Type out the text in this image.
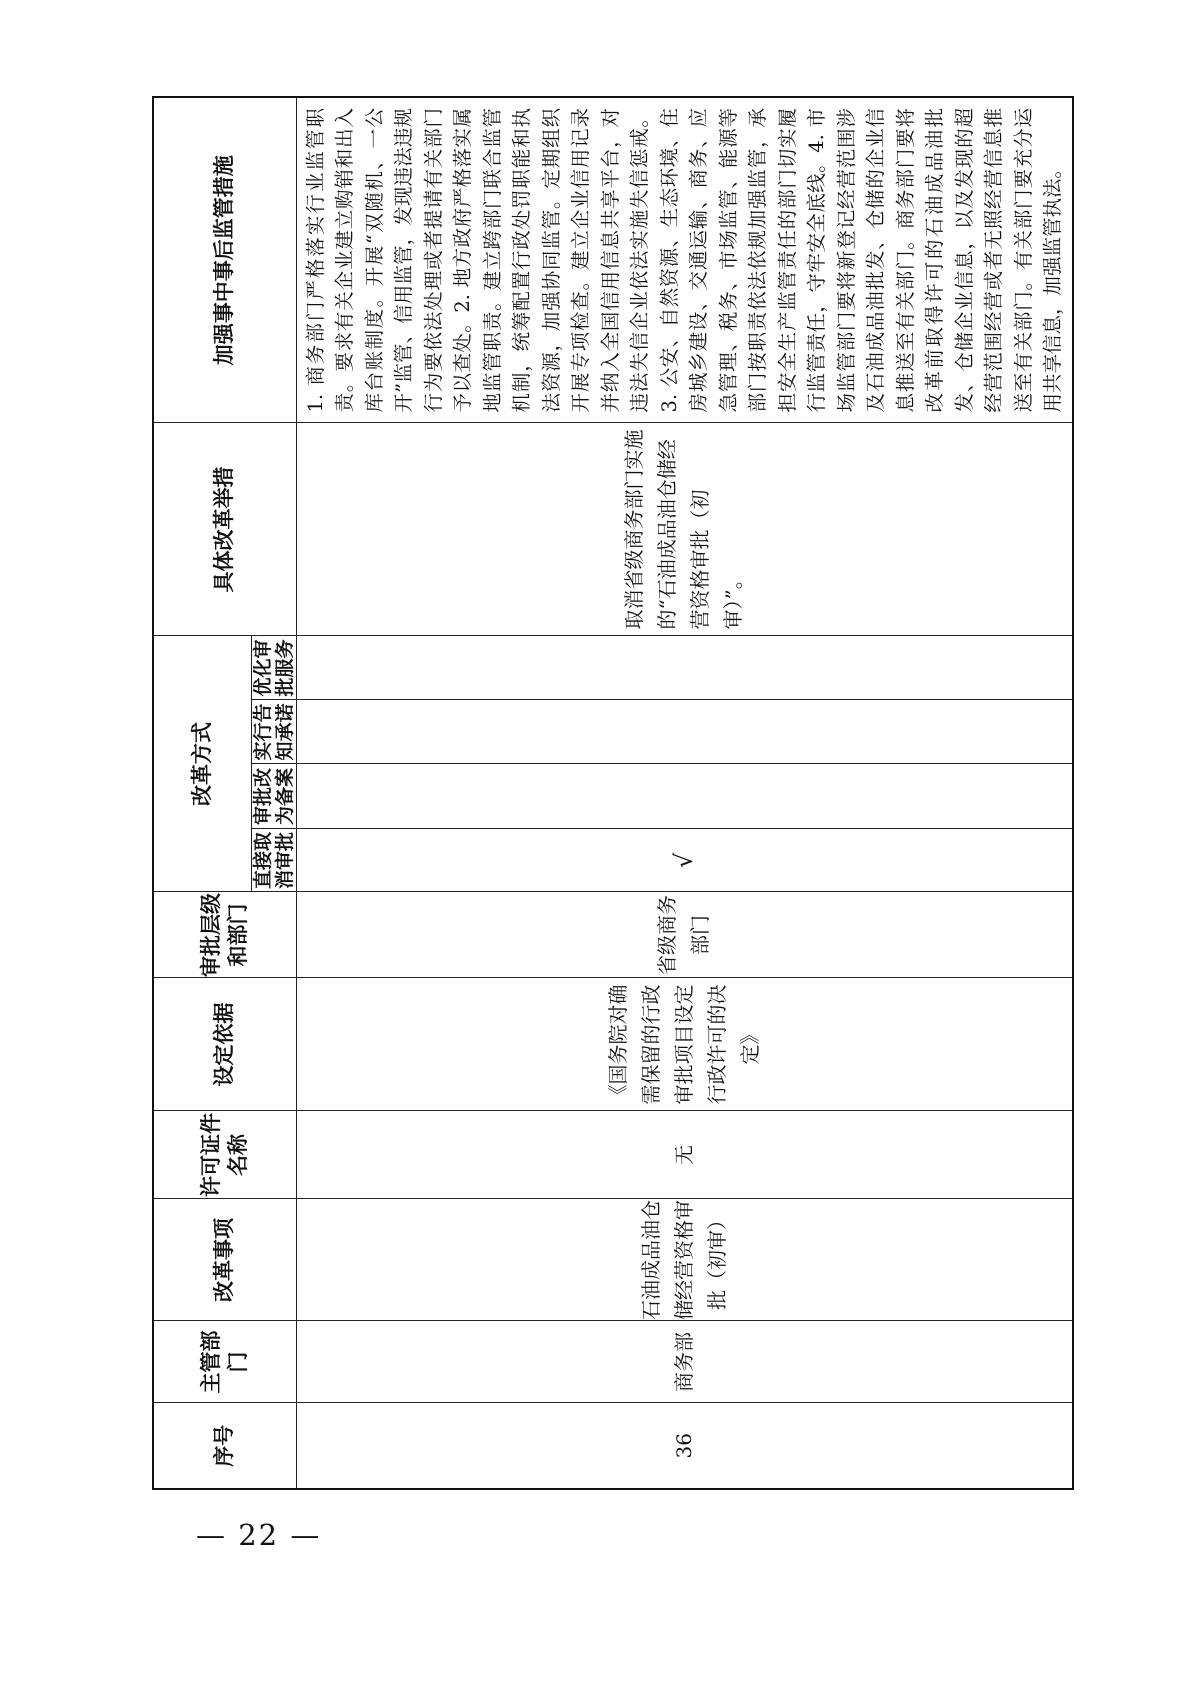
序号	主管部门	改革事项	许可证件名称	设定依据	审批层级和部门	改革方式				具体改革举措	加强事中事后监管措施
						直接取消审批	审批改为备案	实行告知承诺	优化审批服务		
36	商务部	石油成品油仓储经营资格审批（初审）	无	《国务院对确需保留的行政审批项目设定行政许可的决定》	省级商务部门	√				取消省级商务部门实施的“石油成品油仓储经营资格审批（初审）”。	1. 商务部门严格落实行业监管职责。要求有关企业建立购销和出入库台账制度。开展“双随机、一公开”监管、信用监管，发现违法违规行为要依法处理或者提请有关部门予以查处。2. 地方政府严格落实属地监管职责。建立跨部门联合监管机制，统筹配置行政处罚职能和执法资源，加强协同监管。定期组织开展专项检查。建立企业信用记录并纳入全国信用信息共享平台，对违法失信企业依法实施失信惩戒。3. 公安、自然资源、生态环境、住房城乡建设、交通运输、商务、应急管理、税务、市场监管、能源等部门按职责依法依规加强监管，承担安全生产监管责任的部门切实履行监管责任，守牢安全底线。4. 市场监管部门要将新登记经营范围涉及石油成品油批发、仓储的企业信息推送至有关部门。商务部门要将改革前取得许可的石油成品油批发、仓储企业信息，以及发现的超经营范围经营或者无照经营信息推送至有关部门。有关部门要充分运用共享信息，加强监管执法。
— 22 —
